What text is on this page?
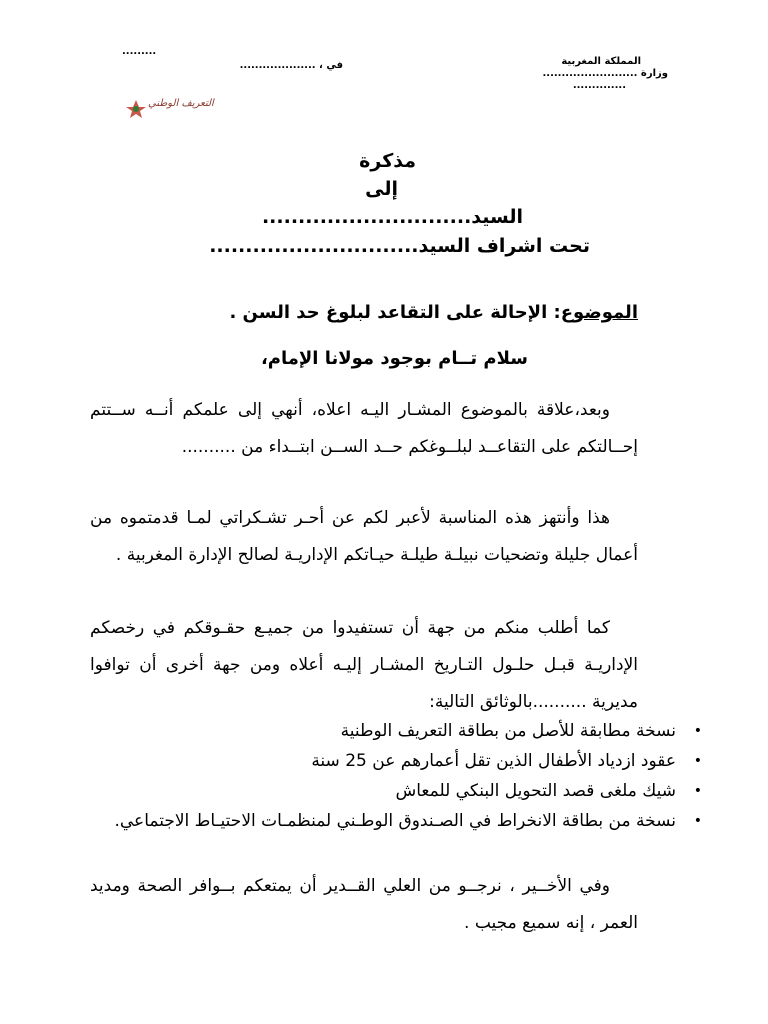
المملكة المغربية
وزارة .........................
..............
في ، ....................
.........
التعريف الوطني
مذكرة
إلى
السيد.............................
تحت اشراف السيد.............................
الموضوع: الإحالة على التقاعد لبلوغ حد السن .
سلام تــام بوجود مولانا الإمام،
وبعد،علاقة بالموضوع المشـار اليـه اعلاه، أنهي إلى علمكم أنــه ســتتم إحــالتكم على التقاعــد لبلــوغكم حــد الســن ابتــداء من ..........
هذا وأنتهز هذه المناسبة لأعبر لكم عن أحـر تشـكراتي لمـا قدمتموه من أعمال جليلة وتضحيات نبيلـة طيلـة حيـاتكم الإداريـة لصالح الإدارة المغربية .
كما أطلب منكم من جهة أن تستفيدوا من جميـع حقـوقكم في رخصكم الإداريـة قبـل حلـول التـاريخ المشـار إليـه أعلاه ومن جهة أخرى أن توافوا مديرية ..........بالوثائق التالية:
•
نسخة مطابقة للأصل من بطاقة التعريف الوطنية
•
عقود ازدياد الأطفال الذين تقل أعمارهم عن 25 سنة
•
شيك ملغى قصد التحويل البنكي للمعاش
•
نسخة من بطاقة الانخراط في الصـندوق الوطـني لمنظمـات الاحتيـاط الاجتماعي.
وفي الأخــير ، نرجــو من العلي القــدير أن يمتعكم بــوافر الصحة ومديد العمر ، إنه سميع مجيب .
